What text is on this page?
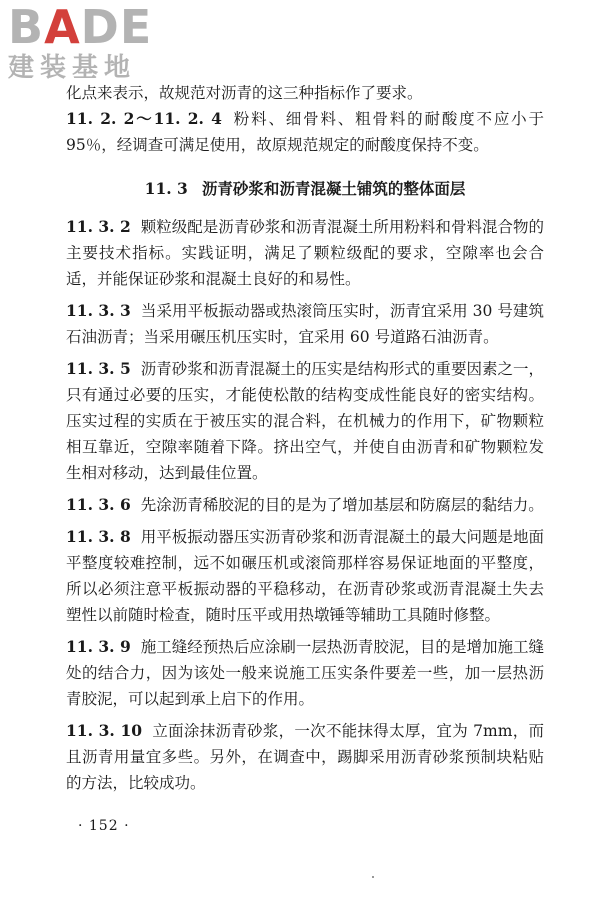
BADE
建装基地

化点来表示，故规范对沥青的这三种指标作了要求。

11. 2. 2～11. 2. 4 粉料、细骨料、粗骨料的耐酸度不应小于 95％，经调查可满足使用，故原规范规定的耐酸度保持不变。

11. 3 沥青砂浆和沥青混凝土铺筑的整体面层

11. 3. 2 颗粒级配是沥青砂浆和沥青混凝土所用粉料和骨料混合物的主要技术指标。实践证明，满足了颗粒级配的要求，空隙率也会合适，并能保证砂浆和混凝土良好的和易性。

11. 3. 3 当采用平板振动器或热滚筒压实时，沥青宜采用 30 号建筑石油沥青；当采用碾压机压实时，宜采用 60 号道路石油沥青。

11. 3. 5 沥青砂浆和沥青混凝土的压实是结构形式的重要因素之一，只有通过必要的压实，才能使松散的结构变成性能良好的密实结构。压实过程的实质在于被压实的混合料，在机械力的作用下，矿物颗粒相互靠近，空隙率随着下降。挤出空气，并使自由沥青和矿物颗粒发生相对移动，达到最佳位置。

11. 3. 6 先涂沥青稀胶泥的目的是为了增加基层和防腐层的黏结力。

11. 3. 8 用平板振动器压实沥青砂浆和沥青混凝土的最大问题是地面平整度较难控制，远不如碾压机或滚筒那样容易保证地面的平整度，所以必须注意平板振动器的平稳移动，在沥青砂浆或沥青混凝土失去塑性以前随时检查，随时压平或用热墩锤等辅助工具随时修整。

11. 3. 9 施工缝经预热后应涂刷一层热沥青胶泥，目的是增加施工缝处的结合力，因为该处一般来说施工压实条件要差一些，加一层热沥青胶泥，可以起到承上启下的作用。

11. 3. 10 立面涂抹沥青砂浆，一次不能抹得太厚，宜为 7mm，而且沥青用量宜多些。另外，在调查中，踢脚采用沥青砂浆预制块粘贴的方法，比较成功。

· 152 ·
